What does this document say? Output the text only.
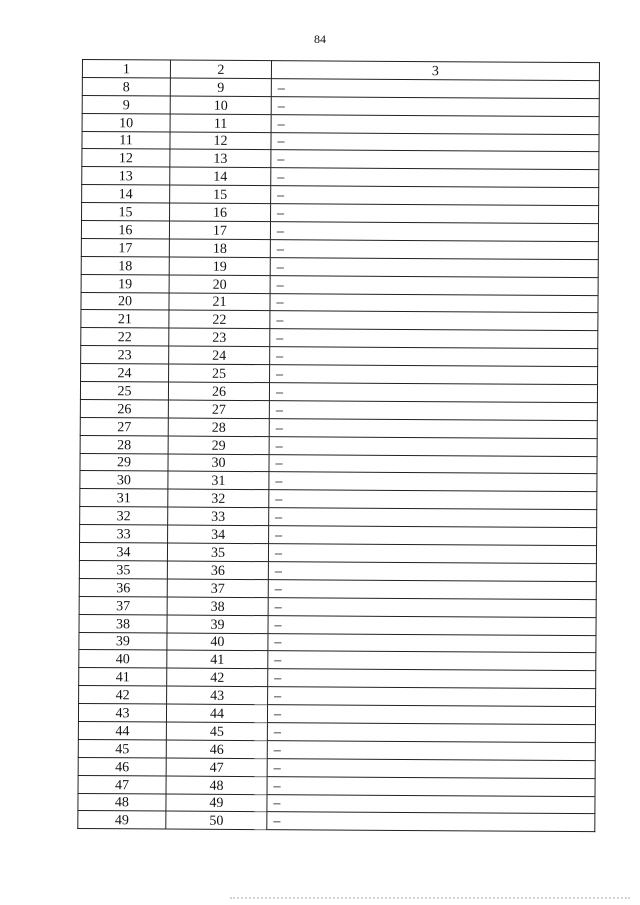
84
1	2	3
8	9	–
9	10	–
10	11	–
11	12	–
12	13	–
13	14	–
14	15	–
15	16	–
16	17	–
17	18	–
18	19	–
19	20	–
20	21	–
21	22	–
22	23	–
23	24	–
24	25	–
25	26	–
26	27	–
27	28	–
28	29	–
29	30	–
30	31	–
31	32	–
32	33	–
33	34	–
34	35	–
35	36	–
36	37	–
37	38	–
38	39	–
39	40	–
40	41	–
41	42	–
42	43	–
43	44	–
44	45	–
45	46	–
46	47	–
47	48	–
48	49	–
49	50	–
